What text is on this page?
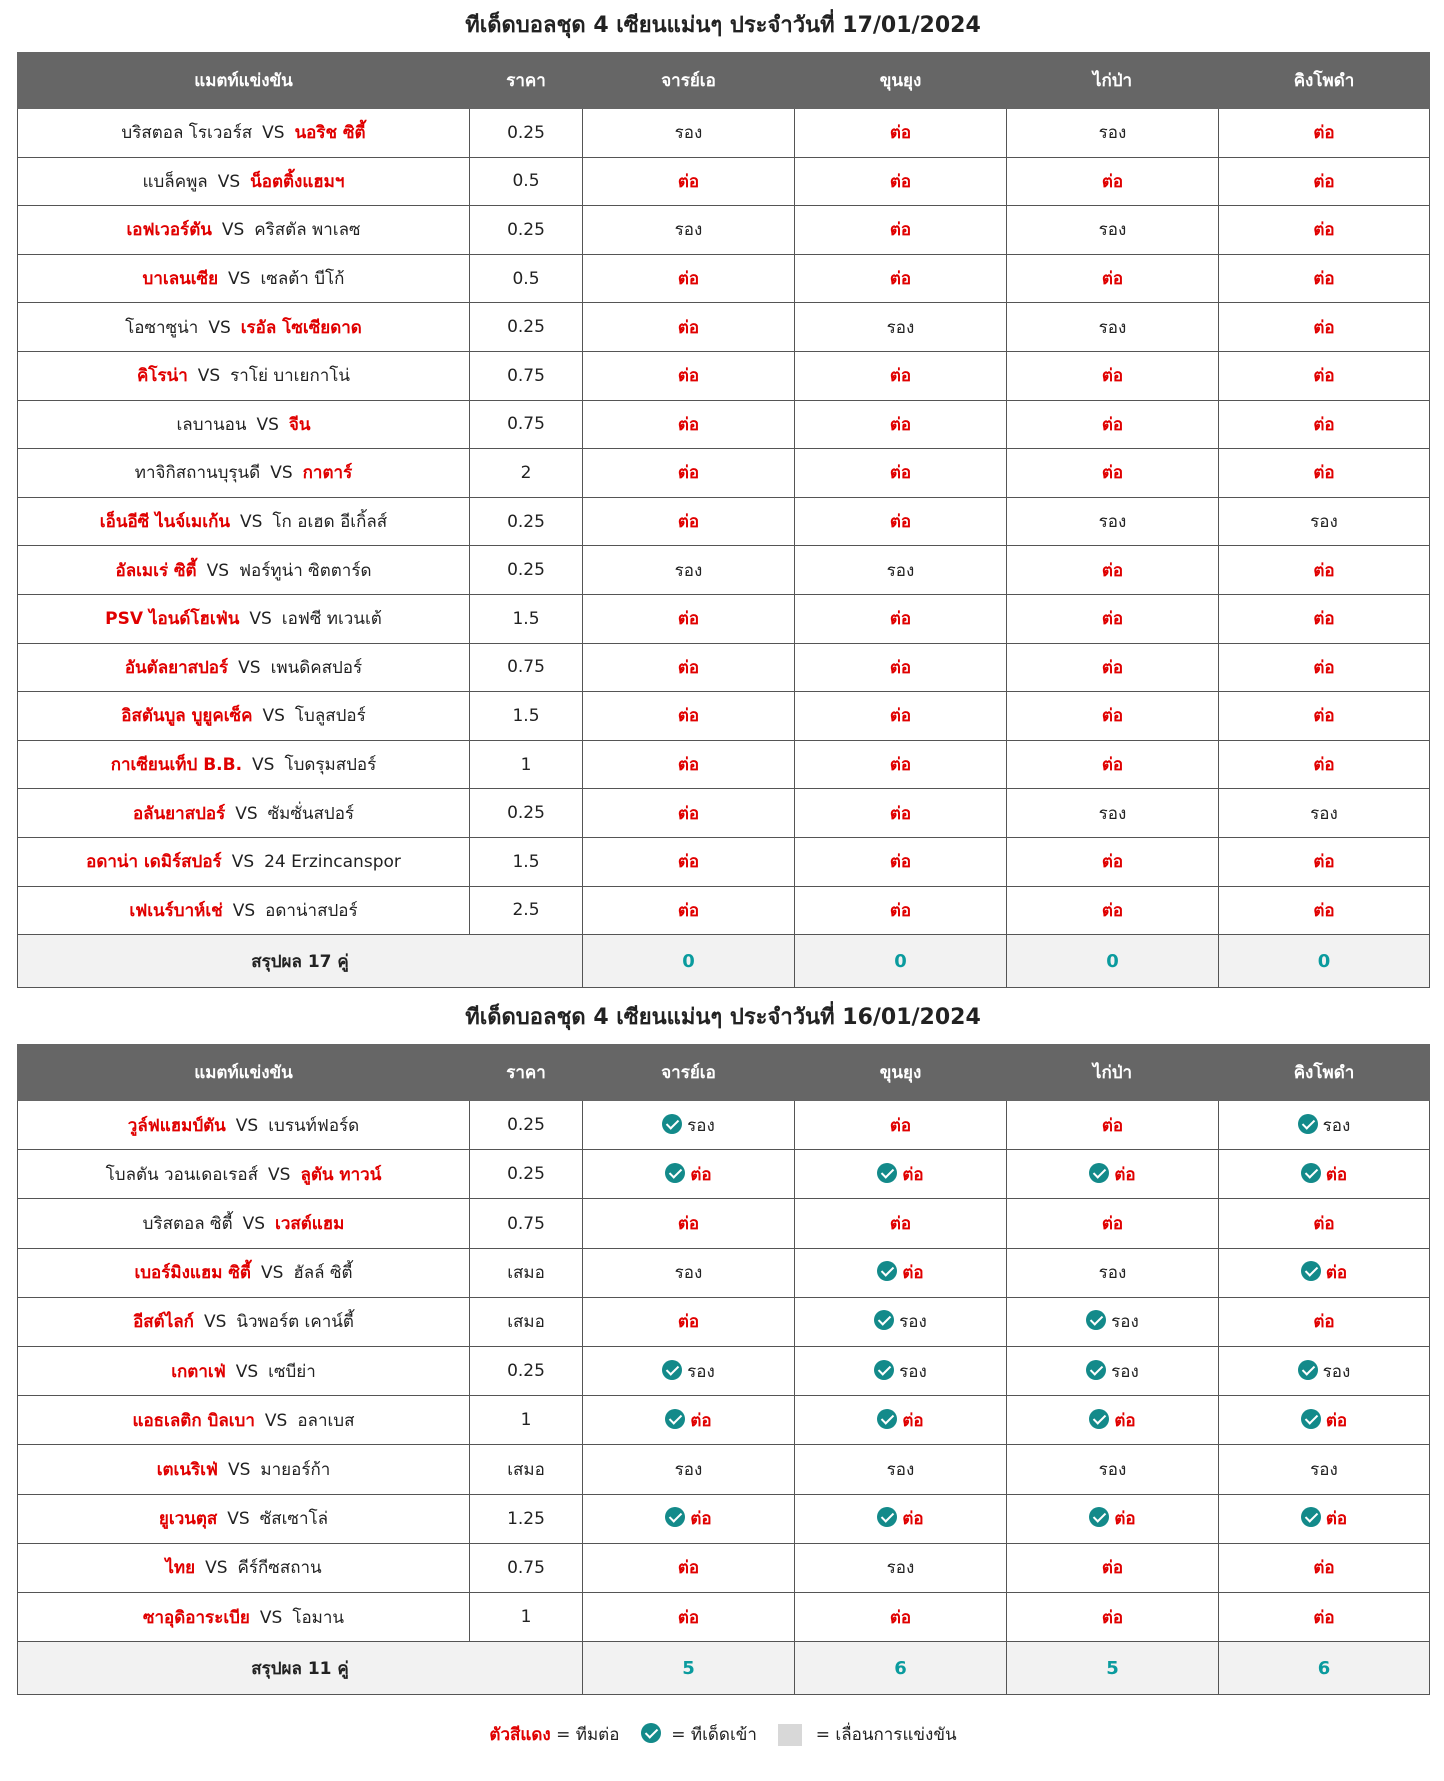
ทีเด็ดบอลชุด 4 เซียนแม่นๆ ประจำวันที่ 17/01/2024
แมตท์แข่งขัน	ราคา	จารย์เอ	ขุนยุง	ไก่ป่า	คิงโพดำ
บริสตอล โรเวอร์ส VS นอริช ซิตี้	0.25	รอง	ต่อ	รอง	ต่อ
แบล็คพูล VS น็อตติ้งแฮมฯ	0.5	ต่อ	ต่อ	ต่อ	ต่อ
เอฟเวอร์ตัน VS คริสตัล พาเลซ	0.25	รอง	ต่อ	รอง	ต่อ
บาเลนเซีย VS เซลต้า บีโก้	0.5	ต่อ	ต่อ	ต่อ	ต่อ
โอซาซูน่า VS เรอัล โซเซียดาด	0.25	ต่อ	รอง	รอง	ต่อ
คิโรน่า VS ราโย่ บาเยกาโน่	0.75	ต่อ	ต่อ	ต่อ	ต่อ
เลบานอน VS จีน	0.75	ต่อ	ต่อ	ต่อ	ต่อ
ทาจิกิสถานบุรุนดี VS กาตาร์	2	ต่อ	ต่อ	ต่อ	ต่อ
เอ็นอีซี ไนจ์เมเก้น VS โก อเฮด อีเกิ้ลส์	0.25	ต่อ	ต่อ	รอง	รอง
อัลเมเร่ ซิตี้ VS ฟอร์ทูน่า ซิตตาร์ด	0.25	รอง	รอง	ต่อ	ต่อ
PSV ไอนด์โฮเฟ่น VS เอฟซี ทเวนเต้	1.5	ต่อ	ต่อ	ต่อ	ต่อ
อันตัลยาสปอร์ VS เพนดิคสปอร์	0.75	ต่อ	ต่อ	ต่อ	ต่อ
อิสตันบูล บูยูคเซ็ค VS โบลูสปอร์	1.5	ต่อ	ต่อ	ต่อ	ต่อ
กาเซียนเท็ป B.B. VS โบดรุมสปอร์	1	ต่อ	ต่อ	ต่อ	ต่อ
อลันยาสปอร์ VS ซัมซั่นสปอร์	0.25	ต่อ	ต่อ	รอง	รอง
อดาน่า เดมิร์สปอร์ VS 24 Erzincanspor	1.5	ต่อ	ต่อ	ต่อ	ต่อ
เฟเนร์บาห์เช่ VS อดาน่าสปอร์	2.5	ต่อ	ต่อ	ต่อ	ต่อ
สรุปผล 17 คู่		0	0	0	0
ทีเด็ดบอลชุด 4 เซียนแม่นๆ ประจำวันที่ 16/01/2024
แมตท์แข่งขัน	ราคา	จารย์เอ	ขุนยุง	ไก่ป่า	คิงโพดำ
วูล์ฟแฮมป์ตัน VS เบรนท์ฟอร์ด	0.25	รอง	ต่อ	ต่อ	รอง
โบลตัน วอนเดอเรอส์ VS ลูตัน ทาวน์	0.25	ต่อ	ต่อ	ต่อ	ต่อ
บริสตอล ซิตี้ VS เวสต์แฮม	0.75	ต่อ	ต่อ	ต่อ	ต่อ
เบอร์มิงแฮม ซิตี้ VS ฮัลล์ ซิตี้	เสมอ	รอง	ต่อ	รอง	ต่อ
อีสต์ไลก์ VS นิวพอร์ต เคาน์ตี้	เสมอ	ต่อ	รอง	รอง	ต่อ
เกตาเฟ่ VS เซบีย่า	0.25	รอง	รอง	รอง	รอง
แอธเลติก บิลเบา VS อลาเบส	1	ต่อ	ต่อ	ต่อ	ต่อ
เตเนริเฟ่ VS มายอร์ก้า	เสมอ	รอง	รอง	รอง	รอง
ยูเวนตุส VS ซัสเซาโล่	1.25	ต่อ	ต่อ	ต่อ	ต่อ
ไทย VS คีร์กีซสถาน	0.75	ต่อ	รอง	ต่อ	ต่อ
ซาอุดิอาระเบีย VS โอมาน	1	ต่อ	ต่อ	ต่อ	ต่อ
สรุปผล 11 คู่		5	6	5	6
ตัวสีแดง = ทีมต่อ	= ทีเด็ดเข้า	= เลื่อนการแข่งขัน
